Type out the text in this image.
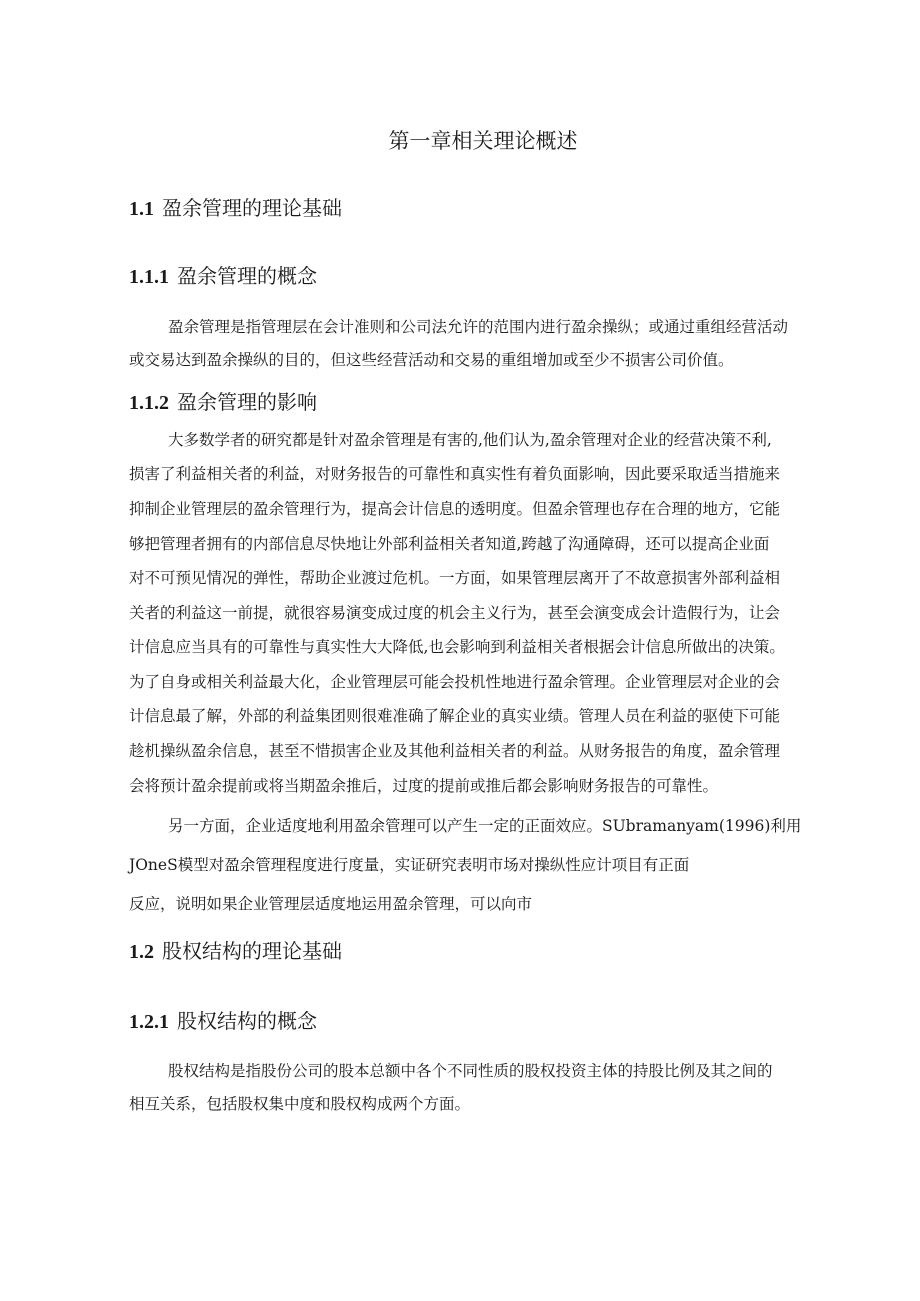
第一章相关理论概述
1.1 盈余管理的理论基础
1.1.1 盈余管理的概念
盈余管理是指管理层在会计准则和公司法允许的范围内进行盈余操纵；或通过重组经营活动
或交易达到盈余操纵的目的，但这些经营活动和交易的重组增加或至少不损害公司价值。
1.1.2 盈余管理的影响
大多数学者的研究都是针对盈余管理是有害的,他们认为,盈余管理对企业的经营决策不利,
损害了利益相关者的利益，对财务报告的可靠性和真实性有着负面影响，因此要采取适当措施来
抑制企业管理层的盈余管理行为，提高会计信息的透明度。但盈余管理也存在合理的地方，它能
够把管理者拥有的内部信息尽快地让外部利益相关者知道,跨越了沟通障碍，还可以提高企业面
对不可预见情况的弹性，帮助企业渡过危机。一方面，如果管理层离开了不故意损害外部利益相
关者的利益这一前提，就很容易演变成过度的机会主义行为，甚至会演变成会计造假行为，让会
计信息应当具有的可靠性与真实性大大降低,也会影响到利益相关者根据会计信息所做出的决策。
为了自身或相关利益最大化，企业管理层可能会投机性地进行盈余管理。企业管理层对企业的会
计信息最了解，外部的利益集团则很难准确了解企业的真实业绩。管理人员在利益的驱使下可能
趁机操纵盈余信息，甚至不惜损害企业及其他利益相关者的利益。从财务报告的角度，盈余管理
会将预计盈余提前或将当期盈余推后，过度的提前或推后都会影响财务报告的可靠性。
另一方面，企业适度地利用盈余管理可以产生一定的正面效应。SUbramanyam(1996)利用
JOneS模型对盈余管理程度进行度量，实证研究表明市场对操纵性应计项目有正面
反应，说明如果企业管理层适度地运用盈余管理，可以向市
1.2 股权结构的理论基础
1.2.1 股权结构的概念
股权结构是指股份公司的股本总额中各个不同性质的股权投资主体的持股比例及其之间的
相互关系，包括股权集中度和股权构成两个方面。
